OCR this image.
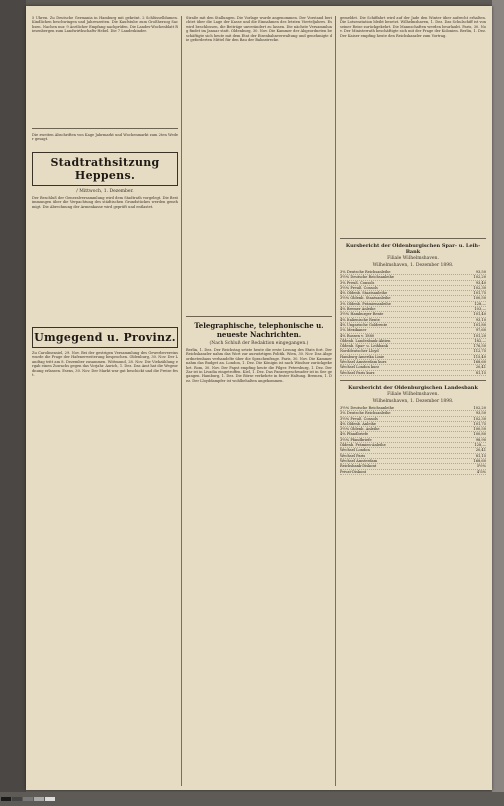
5 Uhren. Zu Deutsche Germania in Hamburg mit gekrönt. 2 Schlüsselblumen. Kindlichen beschwingen und Jahreszeiten. Die Kaufstube zum Großherzog Sachsen. Nachen nur. 9 Ärztlicher Empfang nachprüfen. Die Landes-Wochenblatt Riesenbergen zum Landwirthschafts-Hebel. Die 7 Landeskinder.
Die zweiten Abschriften von Kage Jahrmarkt und Wochenmarkt zum 2ten Weder gesagt.
Stadtrathsitzung Heppens.
/ Mittwoch, 1. Dezember.
Der Beschluß der Generalversammlung wird dem Stadtrath vorgelegt. Die Bestimmungen über die Verpachtung des städtischen Grundstückes werden genehmigt. Die Abrechnung der Armenkasse wird geprüft und entlastet.
Umgegend u. Provinz.
Zu Carolinensiel, 29. Nov. Bei der gestrigen Versammlung des Gewerbevereins wurde die Frage der Hafenerweiterung besprochen. Oldenburg, 30. Nov. Der Landtag tritt am 8. Dezember zusammen. Wittmund, 28. Nov. Die Viehzählung ergab einen Zuwachs gegen das Vorjahr. Aurich, 1. Dez. Das Amt hat die Wegeordnung erlassen. Esens, 30. Nov. Der Markt war gut beschickt und die Preise fest.
Straße mit den Stallungen. Die Vorlage wurde angenommen. Der Vorstand berichtet über die Lage der Kasse und die Einnahmen des letzten Vierteljahres. Es wird beschlossen, die Beiträge unverändert zu lassen. Die nächste Versammlung findet im Januar statt. Oldenburg, 30. Nov. Die Kammer der Abgeordneten beschäftigte sich heute mit dem Etat der Eisenbahnverwaltung und genehmigte die geforderten Mittel für den Bau der Bahnstrecke.
Telegraphische, telephonische u. neueste Nachrichten.
(Nach Schluß der Redaktion eingegangen.)
Berlin, 1. Dez. Der Reichstag setzte heute die erste Lesung des Etats fort. Der Reichskanzler nahm das Wort zur auswärtigen Politik. Wien, 30. Nov. Das Abgeordnetenhaus verhandelte über die Sprachenfrage. Paris, 30. Nov. Die Kammer nahm das Budget an. London, 1. Dez. Die Königin ist nach Windsor zurückgekehrt. Rom, 30. Nov. Der Papst empfing heute die Pilger. Petersburg, 1. Dez. Der Zar ist in Livadia eingetroffen. Kiel, 1. Dez. Das Panzergeschwader ist in See gegangen. Hamburg, 1. Dez. Die Börse verkehrte in fester Haltung. Bremen, 1. Dez. Der Lloyddampfer ist wohlbehalten angekommen.
gemeldet. Die Schiffahrt wird auf der Jade den Winter über aufrecht erhalten. Die Lotsenstation bleibt besetzt. Wilhelmshaven, 1. Dez. Das Schulschiff ist von seiner Reise zurückgekehrt. Die Mannschaften werden beurlaubt. Paris, 30. Nov. Der Ministerrath beschäftigte sich mit der Frage der Kolonien. Berlin, 1. Dez. Der Kaiser empfing heute den Reichskanzler zum Vortrag.
Kursbericht der Oldenburgischen Spar- u. Leih-Bank
Filiale Wilhelmshaven.
Wilhelmshaven, 1. Dezember 1898.
3% Deutsche Reichsanleihe	93,50
3½% Deutsche Reichsanleihe	102,20
3% Preuß. Consols	93,40
3½% Preuß. Consols	102,30
4% Oldenb. Staatsanleihe	101,75
3½% Oldenb. Staatsanleihe	100,50
3% Oldenb. Prämienanleihe	128,—
4% Bremer Anleihe	103,—
3½% Hamburger Rente	101,40
4% Italienische Rente	93,10
4% Ungarische Goldrente	101,80
5% Mexikaner	97,60
4% Russen v. 1880	101,20
Oldenb. Landesbank-Aktien	182,—
Oldenb. Spar- u. Leihbank	176,50
Norddeutscher Lloyd	112,75
Hamburg-Amerika Linie	115,40
Wechsel Amsterdam kurz	168,60
Wechsel London kurz	20,41
Wechsel Paris kurz	81,15
Kursbericht der Oldenburgischen Landesbank
Filiale Wilhelmshaven.
Wilhelmshaven, 1. Dezember 1898.
3½% Deutsche Reichsanleihe	102,20
3% Deutsche Reichsanleihe	93,50
3½% Preuß. Consols	102,30
4% Oldenb. Anleihe	101,75
3½% Oldenb. Anleihe	100,50
4% Pfandbriefe	100,80
3½% Pfandbriefe	98,90
Oldenb. Prämien-Anleihe	128,—
Wechsel London	20,41
Wechsel Paris	81,15
Wechsel Amsterdam	168,60
Reichsbank-Diskont	5½%
Privat-Diskont	4⅞%
